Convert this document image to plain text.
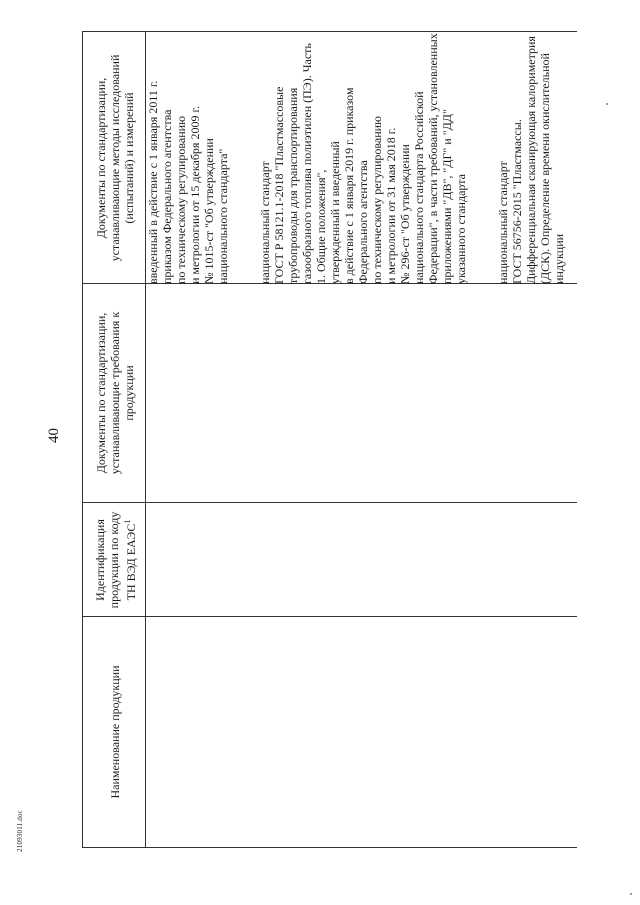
40
21093011.doc
Наименование продукции
Идентификация продукции по коду ТН ВЭД ЕАЭС$^1$
Документы по стандартизации, устанавливающие требования к продукции
Документы по стандартизации, устанавливающие методы исследований (испытаний) и измерений

введенный в действие с 1 января 2011 г. приказом Федерального агентства
по техническому регулированию
и метрологии от 15 декабря 2009 г.
№ 1015-ст "Об утверждении
национального стандарта"

национальный стандарт
ГОСТ Р 58121.1-2018 "Пластмассовые трубопроводы для транспортирования газообразного топлива полиэтилен (ПЭ). Часть 1. Общие положения",
утвержденный и введенный
в действие с 1 января 2019 г. приказом Федерального агентства
по техническому регулированию
и метрологии от 31 мая 2018 г.
№ 296-ст "Об утверждении
национального стандарта Российской Федерации", в части требований, установленных
приложениями "ДВ", "ДГ" и "ДД"
указанного стандарта

национальный стандарт
ГОСТ 56756-2015 "Пластмассы. Дифференциальная сканирующая калориметрия (ДСК). Определение времени окислительной индукции
